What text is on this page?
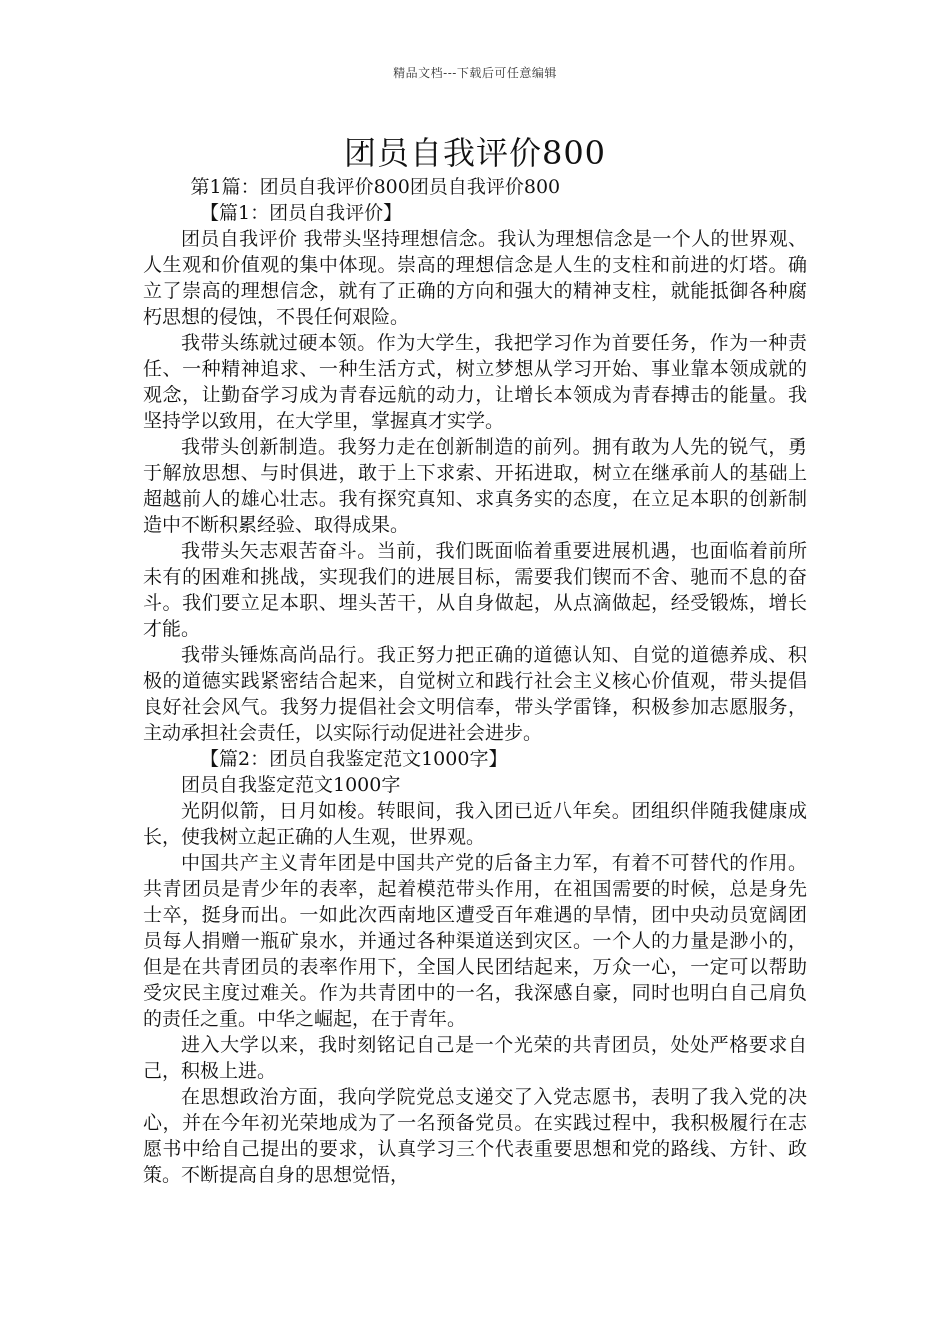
精品文档---下载后可任意编辑
团员自我评价800

第1篇：团员自我评价800团员自我评价800

【篇1：团员自我评价】

团员自我评价 我带头坚持理想信念。我认为理想信念是一个人的世界观、人生观和价值观的集中体现。崇高的理想信念是人生的支柱和前进的灯塔。确立了崇高的理想信念，就有了正确的方向和强大的精神支柱，就能抵御各种腐朽思想的侵蚀，不畏任何艰险。

我带头练就过硬本领。作为大学生，我把学习作为首要任务，作为一种责任、一种精神追求、一种生活方式，树立梦想从学习开始、事业靠本领成就的观念，让勤奋学习成为青春远航的动力，让增长本领成为青春搏击的能量。我坚持学以致用，在大学里，掌握真才实学。

我带头创新制造。我努力走在创新制造的前列。拥有敢为人先的锐气，勇于解放思想、与时俱进，敢于上下求索、开拓进取，树立在继承前人的基础上超越前人的雄心壮志。我有探究真知、求真务实的态度，在立足本职的创新制造中不断积累经验、取得成果。

我带头矢志艰苦奋斗。当前，我们既面临着重要进展机遇，也面临着前所未有的困难和挑战，实现我们的进展目标，需要我们锲而不舍、驰而不息的奋斗。我们要立足本职、埋头苦干，从自身做起，从点滴做起，经受锻炼，增长才能。

我带头锤炼高尚品行。我正努力把正确的道德认知、自觉的道德养成、积极的道德实践紧密结合起来，自觉树立和践行社会主义核心价值观，带头提倡良好社会风气。我努力提倡社会文明信奉，带头学雷锋，积极参加志愿服务，主动承担社会责任，以实际行动促进社会进步。

【篇2：团员自我鉴定范文1000字】

团员自我鉴定范文1000字

光阴似箭，日月如梭。转眼间，我入团已近八年矣。团组织伴随我健康成长，使我树立起正确的人生观，世界观。

中国共产主义青年团是中国共产党的后备主力军，有着不可替代的作用。共青团员是青少年的表率，起着模范带头作用，在祖国需要的时候，总是身先士卒，挺身而出。一如此次西南地区遭受百年难遇的旱情，团中央动员宽阔团员每人捐赠一瓶矿泉水，并通过各种渠道送到灾区。一个人的力量是渺小的，但是在共青团员的表率作用下，全国人民团结起来，万众一心，一定可以帮助受灾民主度过难关。作为共青团中的一名，我深感自豪，同时也明白自己肩负的责任之重。中华之崛起，在于青年。

进入大学以来，我时刻铭记自己是一个光荣的共青团员，处处严格要求自己，积极上进。

在思想政治方面，我向学院党总支递交了入党志愿书，表明了我入党的决心，并在今年初光荣地成为了一名预备党员。在实践过程中，我积极履行在志愿书中给自己提出的要求，认真学习三个代表重要思想和党的路线、方针、政策。不断提高自身的思想觉悟，
